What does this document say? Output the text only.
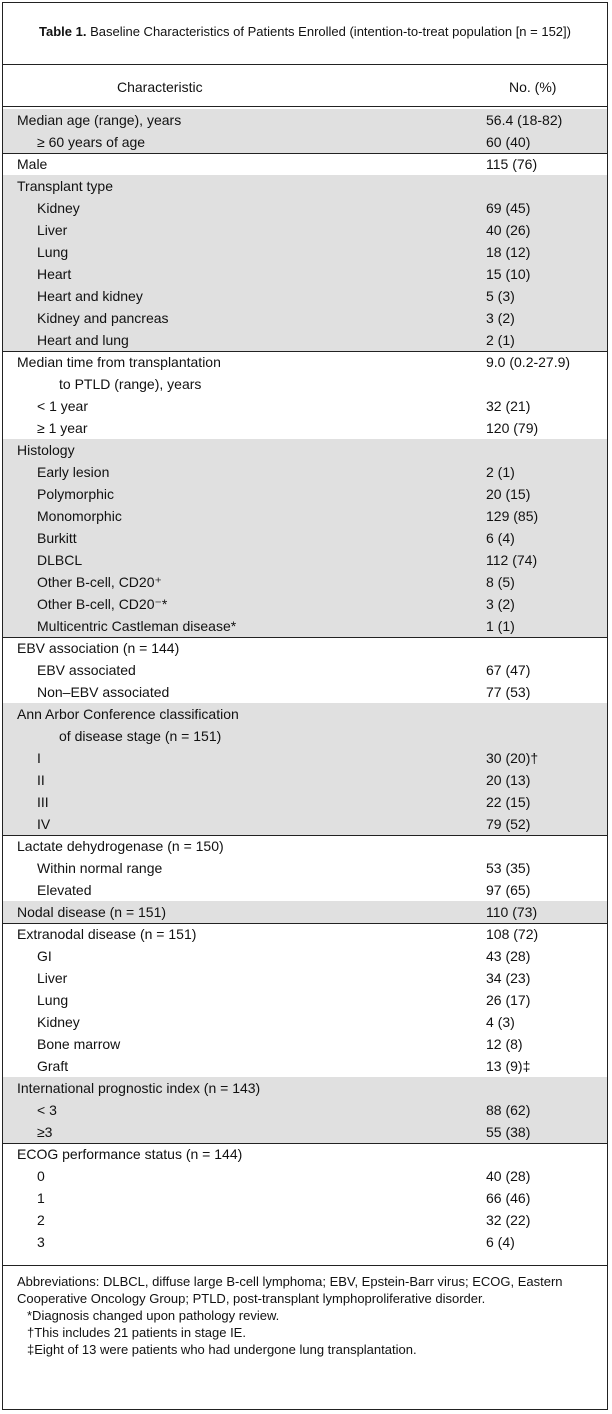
Table 1. Baseline Characteristics of Patients Enrolled (intention-to-treat population [n = 152])
Characteristic	No. (%)
Median age (range), years	56.4 (18-82)
≥ 60 years of age	60 (40)
Male	115 (76)
Transplant type
Kidney	69 (45)
Liver	40 (26)
Lung	18 (12)
Heart	15 (10)
Heart and kidney	5 (3)
Kidney and pancreas	3 (2)
Heart and lung	2 (1)
Median time from transplantation	9.0 (0.2-27.9)
to PTLD (range), years
< 1 year	32 (21)
≥ 1 year	120 (79)
Histology
Early lesion	2 (1)
Polymorphic	20 (15)
Monomorphic	129 (85)
Burkitt	6 (4)
DLBCL	112 (74)
Other B-cell, CD20⁺	8 (5)
Other B-cell, CD20⁻*	3 (2)
Multicentric Castleman disease*	1 (1)
EBV association (n = 144)
EBV associated	67 (47)
Non–EBV associated	77 (53)
Ann Arbor Conference classification
of disease stage (n = 151)
I	30 (20)†
II	20 (13)
III	22 (15)
IV	79 (52)
Lactate dehydrogenase (n = 150)
Within normal range	53 (35)
Elevated	97 (65)
Nodal disease (n = 151)	110 (73)
Extranodal disease (n = 151)	108 (72)
GI	43 (28)
Liver	34 (23)
Lung	26 (17)
Kidney	4 (3)
Bone marrow	12 (8)
Graft	13 (9)‡
International prognostic index (n = 143)
< 3	88 (62)
≥3	55 (38)
ECOG performance status (n = 144)
0	40 (28)
1	66 (46)
2	32 (22)
3	6 (4)

Abbreviations: DLBCL, diffuse large B-cell lymphoma; EBV, Epstein-Barr virus; ECOG, Eastern Cooperative Oncology Group; PTLD, post-transplant lymphoproliferative disorder.

*Diagnosis changed upon pathology review.

†This includes 21 patients in stage IE.

‡Eight of 13 were patients who had undergone lung transplantation.
